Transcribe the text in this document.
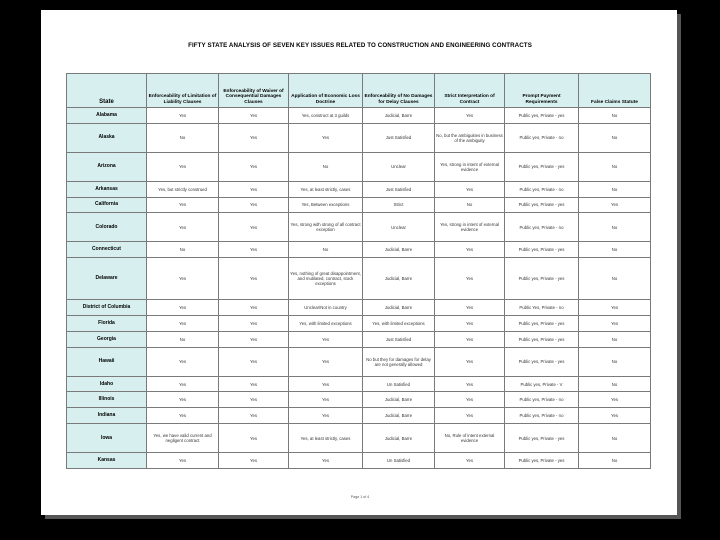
FIFTY STATE ANALYSIS OF SEVEN KEY ISSUES RELATED TO CONSTRUCTION AND ENGINEERING CONTRACTS
State	Enforceability of Limitation of Liability Clauses	Enforceability of Waiver of Consequential Damages Clauses	Application of Economic Loss Doctrine	Enforceability of No Damages for Delay Clauses	Strict Interpretation of Contract	Prompt Payment Requirements	False Claims Statute
Alabama	Yes	Yes	Yes, construct at 3 guilds	Judicial, Barre	Yes	Public yes, Private - yes	No
Alaska	No	Yes	Yes	Just Satisfied	No, but the ambiguities in business of the ambiguity	Public yes, Private - no	No
Arizona	Yes	Yes	No	Unclear	Yes, strong in intent of external evidence	Public yes, Private - yes	No
Arkansas	Yes, but strictly construed	Yes	Yes, at least strictly, cases	Just Satisfied	Yes	Public yes, Private - no	No
California	Yes	Yes	Yes, Between exceptions	Strict	No	Public yes, Private - yes	Yes
Colorado	Yes	Yes	Yes, strong with strong of all contract exception	Unclear	Yes, strong in intent of external evidence	Public yes, Private - no	No
Connecticut	No	Yes	No	Judicial, Barre	Yes	Public yes, Private - yes	No
Delaware	Yes	Yes	Yes, nothing of great disappointment, and mutilated, contract, stock exceptions	Judicial, Barre	Yes	Public yes, Private - yes	No
District of Columbia	Yes	Yes	Unclear/Not in country	Judicial, Barre	Yes	Public Yes, Private - no	Yes
Florida	Yes	Yes	Yes, with limited exceptions	Yes, with limited exceptions	Yes	Public yes, Private - yes	Yes
Georgia	No	Yes	Yes	Just Satisfied	Yes	Public yes, Private - yes	No
Hawaii	Yes	Yes	Yes	No but they for damages for delay are not generally allowed	Yes	Public yes, Private - yes	No
Idaho	Yes	Yes	Yes	Un Satisfied	Yes	Public yes, Private - V	No
Illinois	Yes	Yes	Yes	Judicial, Barre	Yes	Public yes, Private - no	Yes
Indiana	Yes	Yes	Yes	Judicial, Barre	Yes	Public yes, Private - no	Yes
Iowa	Yes, we have valid current and negligent contract	Yes	Yes, at least strictly, cases	Judicial, Barre	No, Rule of intent external evidence	Public yes, Private - yes	No
Kansas	Yes	Yes	Yes	Un Satisfied	Yes	Public yes, Private - yes	No
Page 1 of 4
